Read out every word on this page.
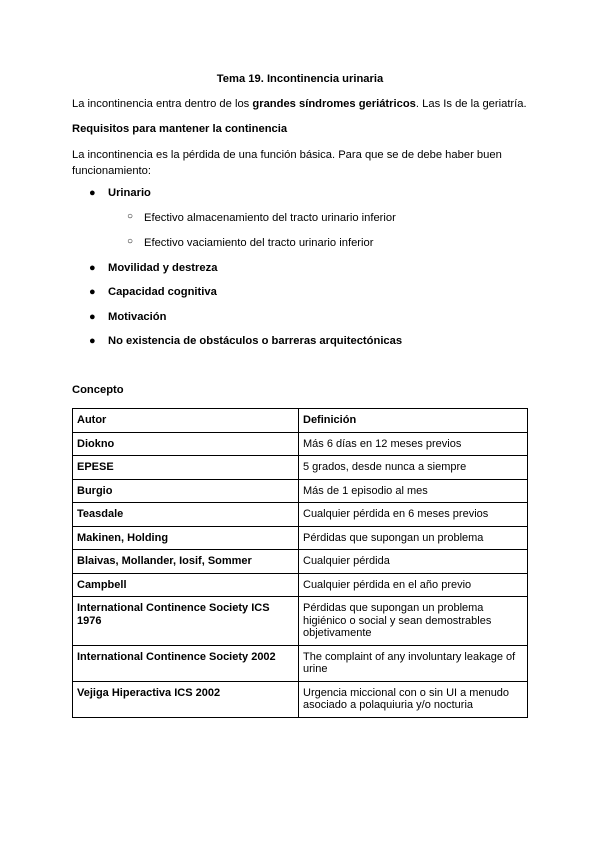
Tema 19. Incontinencia urinaria
La incontinencia entra dentro de los grandes síndromes geriátricos. Las Is de la geriatría.
Requisitos para mantener la continencia
La incontinencia es la pérdida de una función básica. Para que se de debe haber buen funcionamiento:
● Urinario
○ Efectivo almacenamiento del tracto urinario inferior
○ Efectivo vaciamiento del tracto urinario inferior
● Movilidad y destreza
● Capacidad cognitiva
● Motivación
● No existencia de obstáculos o barreras arquitectónicas
Concepto
Autor	Definición
Diokno	Más 6 días en 12 meses previos
EPESE	5 grados, desde nunca a siempre
Burgio	Más de 1 episodio al mes
Teasdale	Cualquier pérdida en 6 meses previos
Makinen, Holding	Pérdidas que supongan un problema
Blaivas, Mollander, Iosif, Sommer	Cualquier pérdida
Campbell	Cualquier pérdida en el año previo
International Continence Society ICS 1976	Pérdidas que supongan un problema higiénico o social y sean demostrables objetivamente
International Continence Society 2002	The complaint of any involuntary leakage of urine
Vejiga Hiperactiva ICS 2002	Urgencia miccional con o sin UI a menudo asociado a polaquiuria y/o nocturia
